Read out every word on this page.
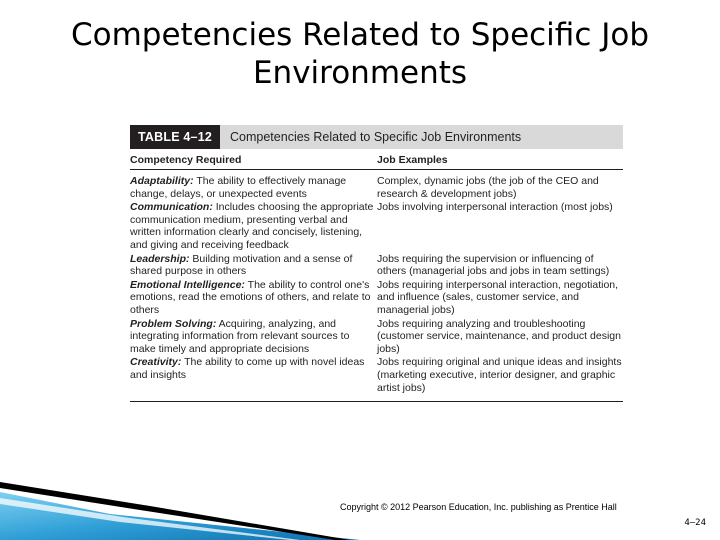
Competencies Related to Specific Job
Environments
TABLE 4–12	Competencies Related to Specific Job Environments
Competency Required	Job Examples
Adaptability: The ability to effectively manage change, delays, or unexpected events
Complex, dynamic jobs (the job of the CEO and research & development jobs)
Communication: Includes choosing the appropriate communication medium, presenting verbal and written information clearly and concisely, listening, and giving and receiving feedback
Jobs involving interpersonal interaction (most jobs)
Leadership: Building motivation and a sense of shared purpose in others
Jobs requiring the supervision or influencing of others (managerial jobs and jobs in team settings)
Emotional Intelligence: The ability to control one's emotions, read the emotions of others, and relate to others
Jobs requiring interpersonal interaction, negotiation, and influence (sales, customer service, and managerial jobs)
Problem Solving: Acquiring, analyzing, and integrating information from relevant sources to make timely and appropriate decisions
Jobs requiring analyzing and troubleshooting (customer service, maintenance, and product design jobs)
Creativity: The ability to come up with novel ideas and insights
Jobs requiring original and unique ideas and insights (marketing executive, interior designer, and graphic artist jobs)

Copyright © 2012 Pearson Education, Inc. publishing as Prentice Hall

4–24
